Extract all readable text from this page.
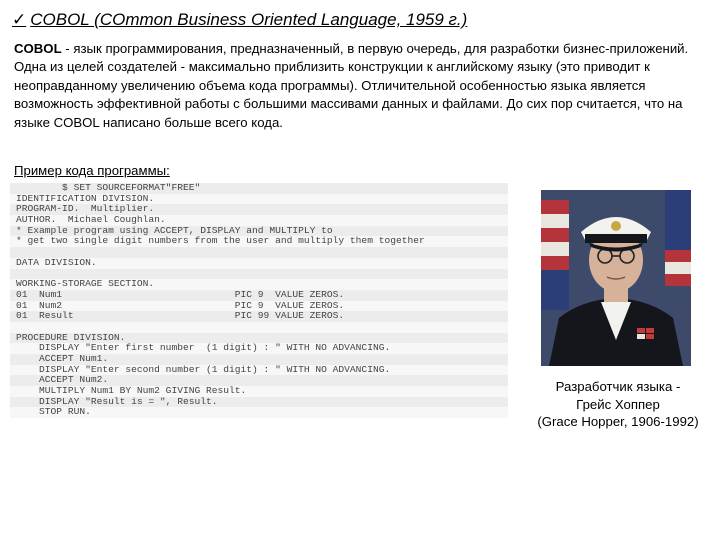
✓ COBOL (COmmon Business Oriented Language, 1959 г.)
COBOL - язык программирования, предназначенный, в первую очередь, для разработки бизнес-приложений. Одна из целей создателей - максимально приблизить конструкции к английскому языку (это приводит к неоправданному увеличению объема кода программы). Отличительной особенностью языка является возможность эффективной работы с большими массивами данных и файлами. До сих пор считается, что на языке COBOL написано больше всего кода.
Пример кода программы:
$ SET SOURCEFORMAT"FREE"
IDENTIFICATION DIVISION.
PROGRAM-ID.  Multiplier.
AUTHOR.  Michael Coughlan.
* Example program using ACCEPT, DISPLAY and MULTIPLY to
* get two single digit numbers from the user and multiply them together

DATA DIVISION.

WORKING-STORAGE SECTION.
01  Num1                              PIC 9  VALUE ZEROS.
01  Num2                              PIC 9  VALUE ZEROS.
01  Result                            PIC 99 VALUE ZEROS.

PROCEDURE DIVISION.
DISPLAY "Enter first number  (1 digit) : " WITH NO ADVANCING.
ACCEPT Num1.
DISPLAY "Enter second number (1 digit) : " WITH NO ADVANCING.
ACCEPT Num2.
MULTIPLY Num1 BY Num2 GIVING Result.
DISPLAY "Result is = ", Result.
STOP RUN.
Разработчик языка -
Грейс Хоппер
(Grace Hopper, 1906-1992)
